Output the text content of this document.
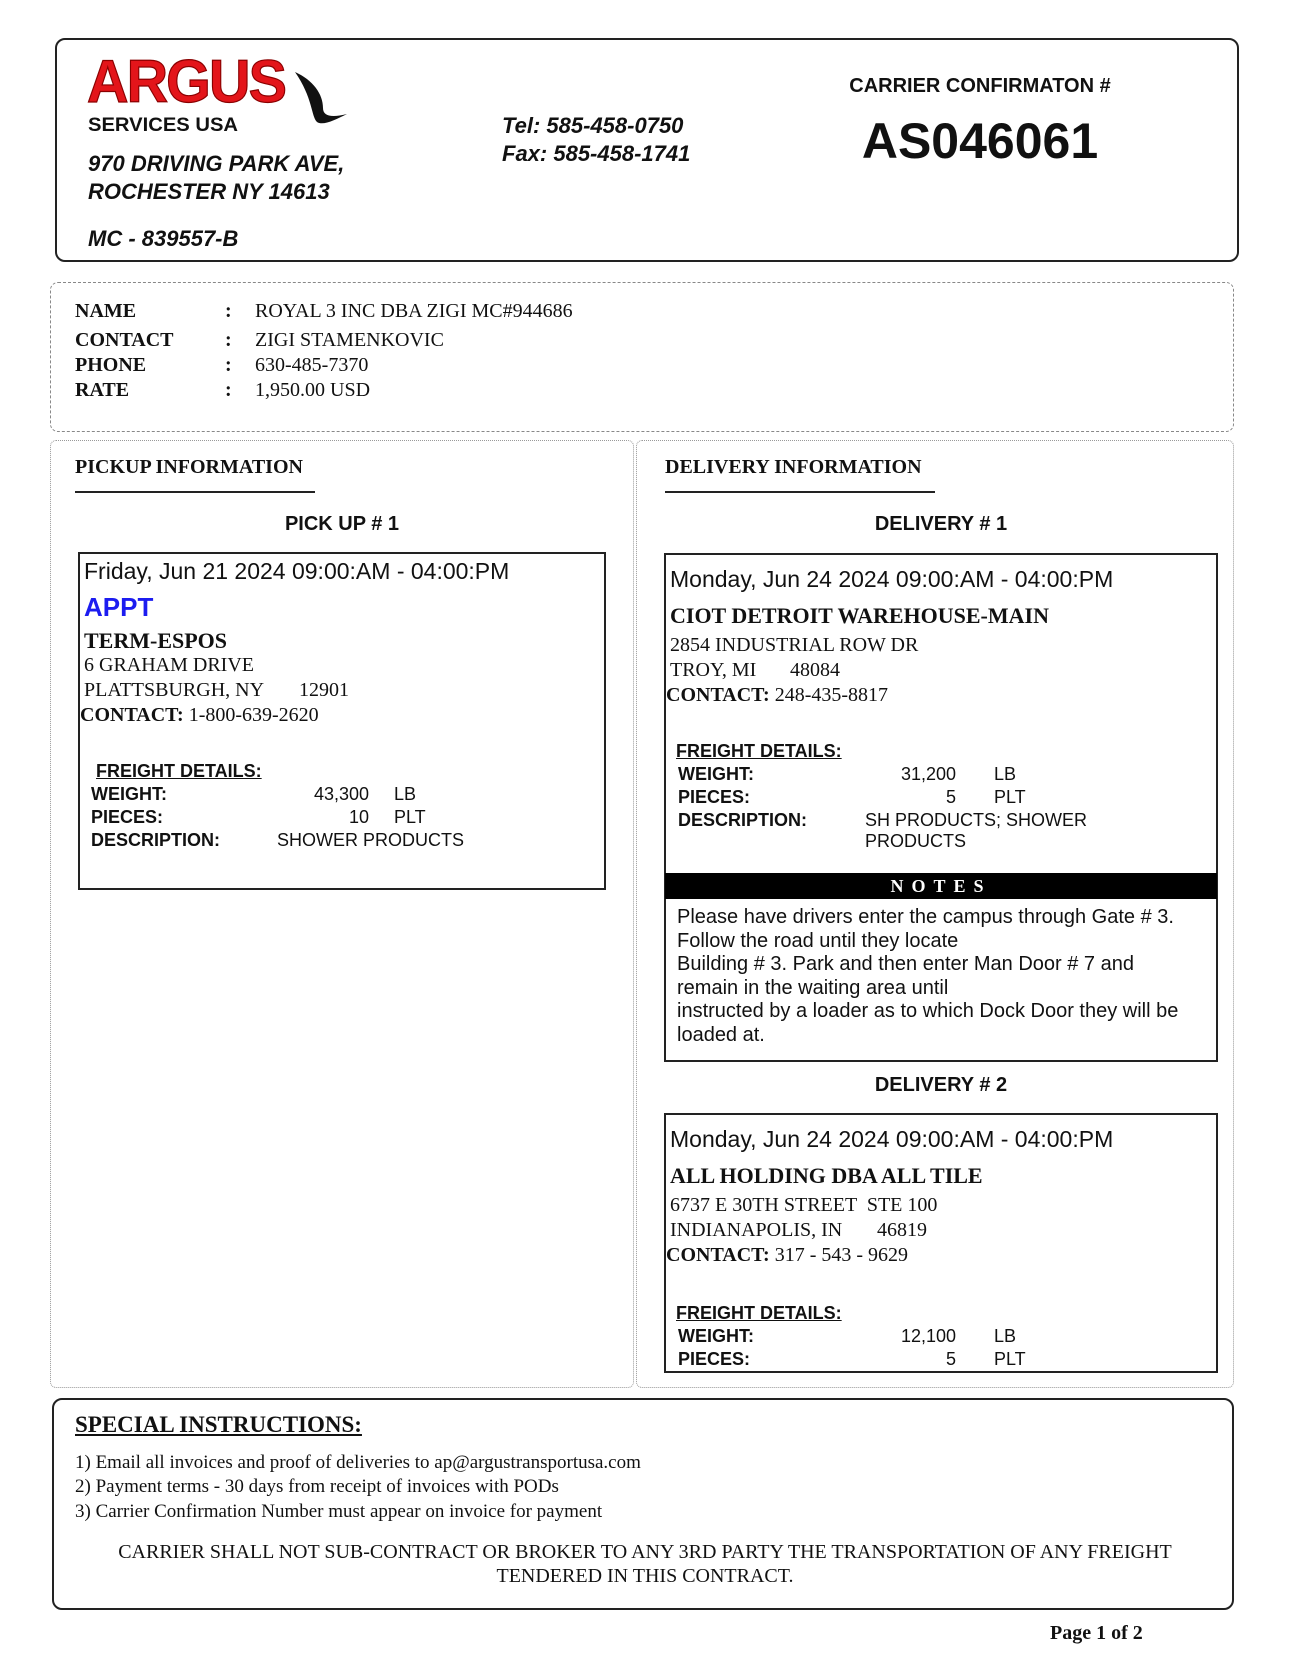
ARGUS
SERVICES USA
970 DRIVING PARK AVE,
ROCHESTER NY 14613
MC - 839557-B
Tel: 585-458-0750
Fax: 585-458-1741
CARRIER CONFIRMATON #
AS046061
NAME	:	ROYAL 3 INC DBA ZIGI MC#944686
CONTACT	:	ZIGI STAMENKOVIC
PHONE	:	630-485-7370
RATE	:	1,950.00 USD
PICKUP INFORMATION
PICK UP # 1
Friday, Jun 21 2024 09:00:AM - 04:00:PM
APPT
TERM-ESPOS
6 GRAHAM DRIVE
PLATTSBURGH, NY 12901
CONTACT: 1-800-639-2620
FREIGHT DETAILS:
WEIGHT:	43,300 LB
PIECES:	10 PLT
DESCRIPTION:	SHOWER PRODUCTS
DELIVERY INFORMATION
DELIVERY # 1
Monday, Jun 24 2024 09:00:AM - 04:00:PM
CIOT DETROIT WAREHOUSE-MAIN
2854 INDUSTRIAL ROW DR
TROY, MI 48084
CONTACT: 248-435-8817
FREIGHT DETAILS:
WEIGHT:	31,200 LB
PIECES:	5 PLT
DESCRIPTION:	SH PRODUCTS; SHOWER
PRODUCTS
NOTES
Please have drivers enter the campus through Gate # 3.
Follow the road until they locate
Building # 3. Park and then enter Man Door # 7 and
remain in the waiting area until
instructed by a loader as to which Dock Door they will be
loaded at.
DELIVERY # 2
Monday, Jun 24 2024 09:00:AM - 04:00:PM
ALL HOLDING DBA ALL TILE
6737 E 30TH STREET  STE 100
INDIANAPOLIS, IN 46819
CONTACT: 317 - 543 - 9629
FREIGHT DETAILS:
WEIGHT:	12,100 LB
PIECES:	5 PLT
SPECIAL INSTRUCTIONS:
1) Email all invoices and proof of deliveries to ap@argustransportusa.com
2) Payment terms - 30 days from receipt of invoices with PODs
3) Carrier Confirmation Number must appear on invoice for payment
CARRIER SHALL NOT SUB-CONTRACT OR BROKER TO ANY 3RD PARTY THE TRANSPORTATION OF ANY FREIGHT TENDERED IN THIS CONTRACT.
Page 1 of 2
